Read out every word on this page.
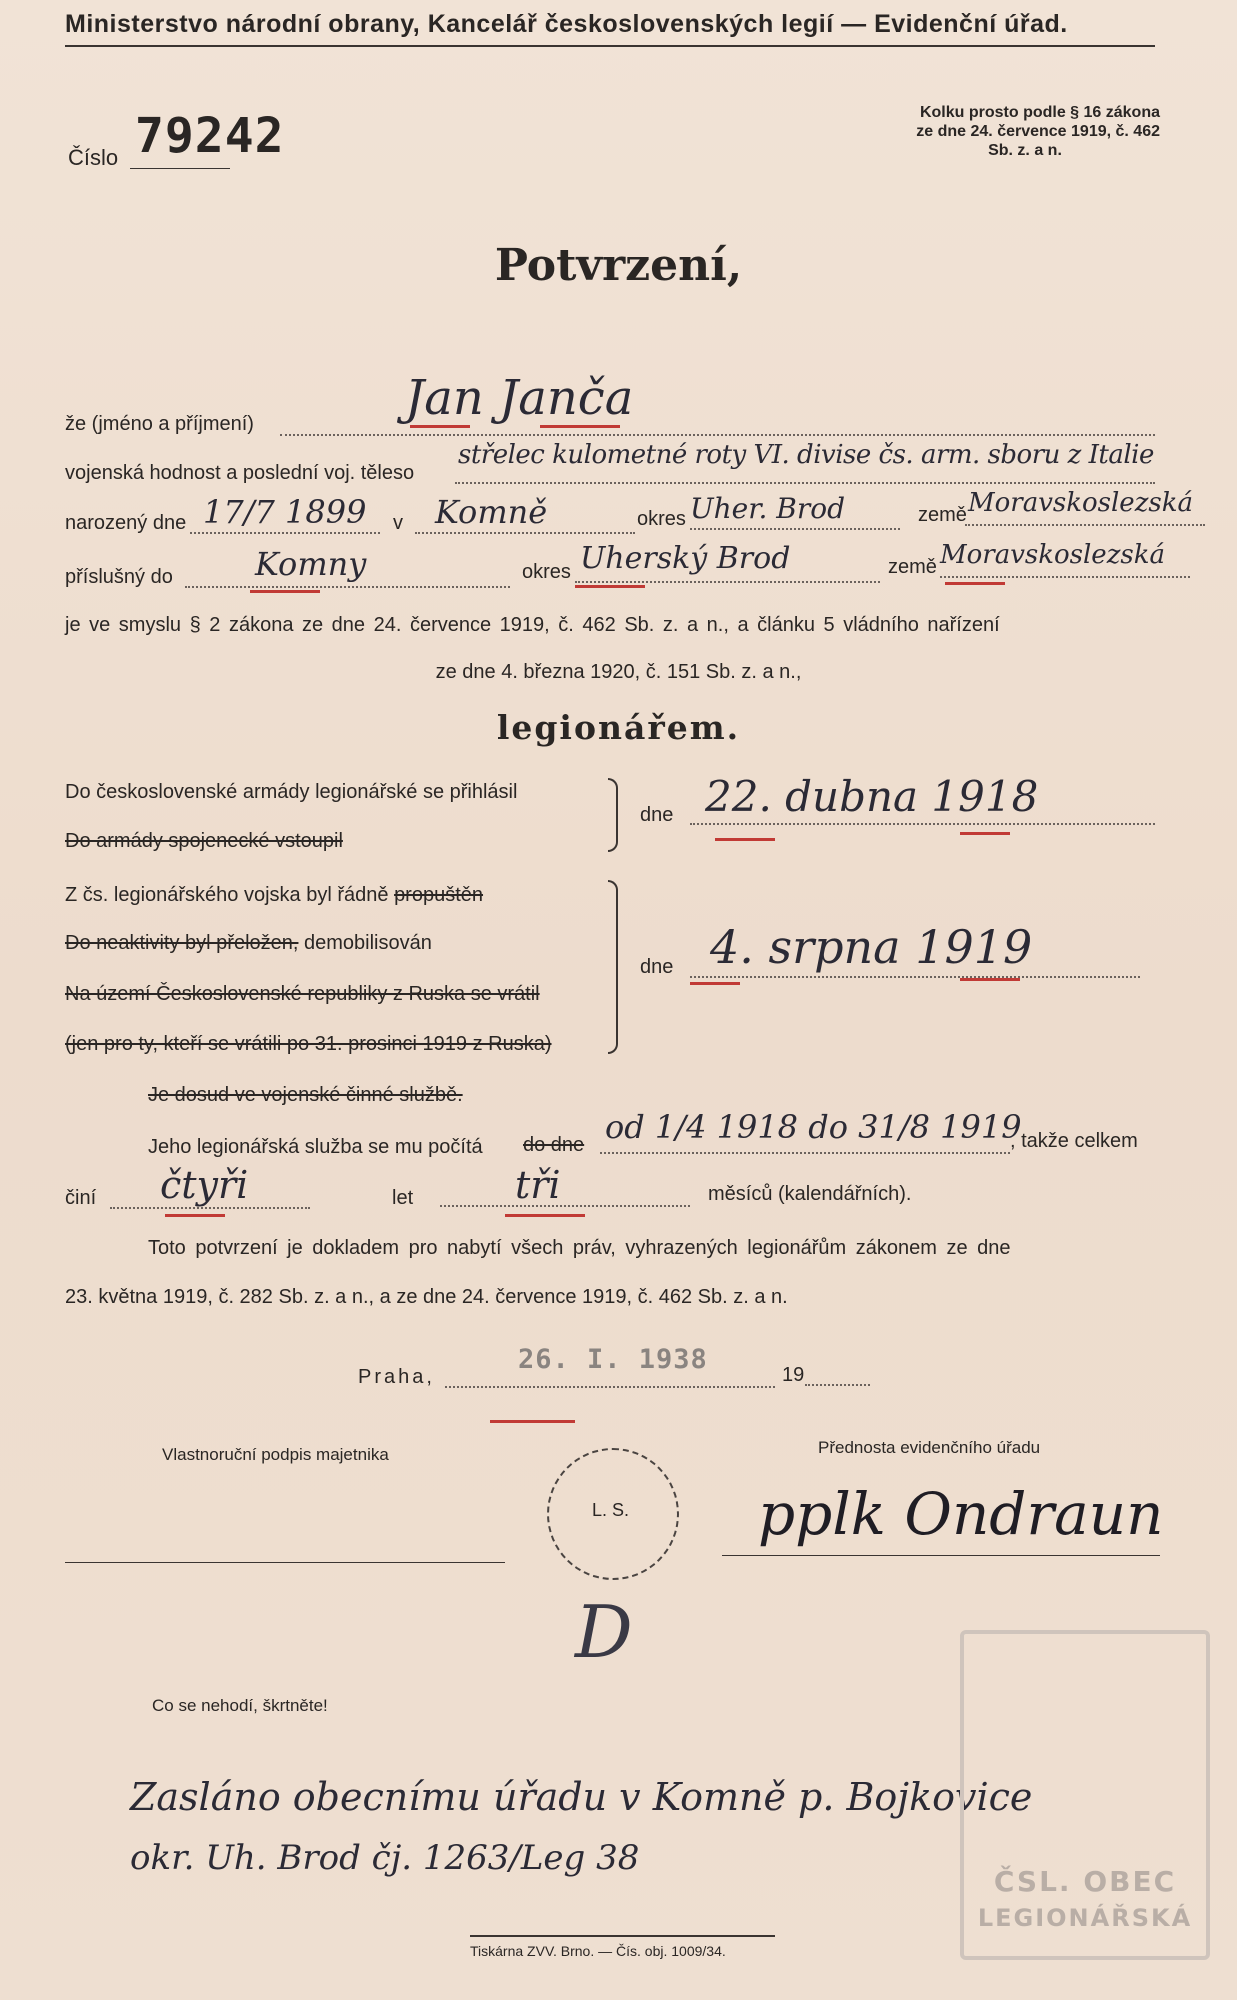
Ministerstvo národní obrany, Kancelář československých legií — Evidenční úřad.
Číslo 79242	Kolku prosto podle § 16 zákona
ze dne 24. července 1919, č. 462
Sb. z. a n.
Potvrzení,
že (jméno a příjmení)	Jan Janča
vojenská hodnost a poslední voj. těleso
střelec kulometné roty VI. divise čs. arm. sboru z Italie
narozený dne 17/7 1899 v Komně	okres Uher. Brod	země Moravskoslezská
příslušný do	Komny	okres Uherský Brod	země Moravskoslezská
je ve smyslu § 2 zákona ze dne 24. července 1919, č. 462 Sb. z. a n., a článku 5 vládního nařízení
ze dne 4. března 1920, č. 151 Sb. z. a n.,
legionářem.
Do československé armády legionářské se přihlásil
Do armády spojenecké vstoupil
dne 22. dubna 1918
Z čs. legionářského vojska byl řádně propuštěn
Do neaktivity byl přeložen, demobilisován
Na území Československé republiky z Ruska se vrátil
(jen pro ty, kteří se vrátili po 31. prosinci 1919 z Ruska)
dne 4. srpna 1919
Je dosud ve vojenské činné službě.
Jeho legionářská služba se mu počítá do dne od 1/4 1918 do 31/8 1919
, takže celkem
činí čtyři	let	tři	měsíců (kalendářních).
Toto potvrzení je dokladem pro nabytí všech práv, vyhrazených legionářům zákonem ze dne
23. května 1919, č. 282 Sb. z. a n., a ze dne 24. července 1919, č. 462 Sb. z. a n.
Praha,
26. I. 1938	19
Vlastnoruční podpis majetnika	Přednosta evidenčního úřadu
L. S. pplk Ondraun
D
Co se nehodí, škrtněte!
Zasláno obecnímu úřadu v Komně p. Bojkovice
okr. Uh. Brod čj. 1263/Leg 38
Tiskárna ZVV. Brno. — Čís. obj. 1009/34.
ČSL. OBEC
LEGIONÁŘSKÁ
